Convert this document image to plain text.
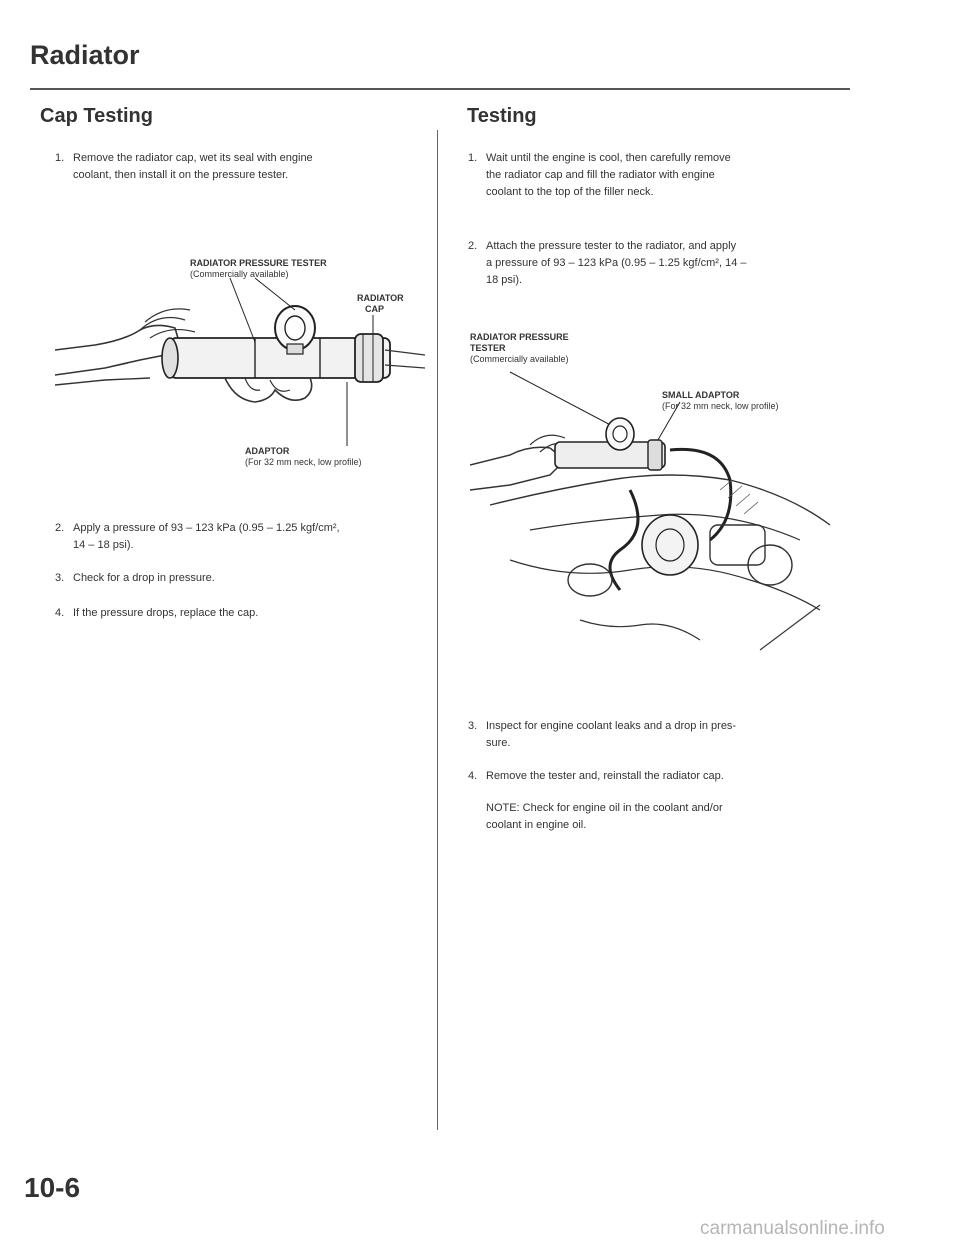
Radiator
Cap Testing
1. Remove the radiator cap, wet its seal with engine
coolant, then install it on the pressure tester.
RADIATOR PRESSURE TESTER
(Commercially available)
RADIATOR
CAP
ADAPTOR
(For 32 mm neck, low profile)
2. Apply a pressure of 93 – 123 kPa (0.95 – 1.25 kgf/cm²,
14 – 18 psi).
3. Check for a drop in pressure.
4. If the pressure drops, replace the cap.
Testing
1. Wait until the engine is cool, then carefully remove
the radiator cap and fill the radiator with engine
coolant to the top of the filler neck.
2. Attach the pressure tester to the radiator, and apply
a pressure of 93 – 123 kPa (0.95 – 1.25 kgf/cm², 14 –
18 psi).
RADIATOR PRESSURE
TESTER
(Commercially available)
SMALL ADAPTOR
(For 32 mm neck, low profile)
3. Inspect for engine coolant leaks and a drop in pres-
sure.
4. Remove the tester and, reinstall the radiator cap.
NOTE: Check for engine oil in the coolant and/or
coolant in engine oil.
10-6
carmanualsonline.info
